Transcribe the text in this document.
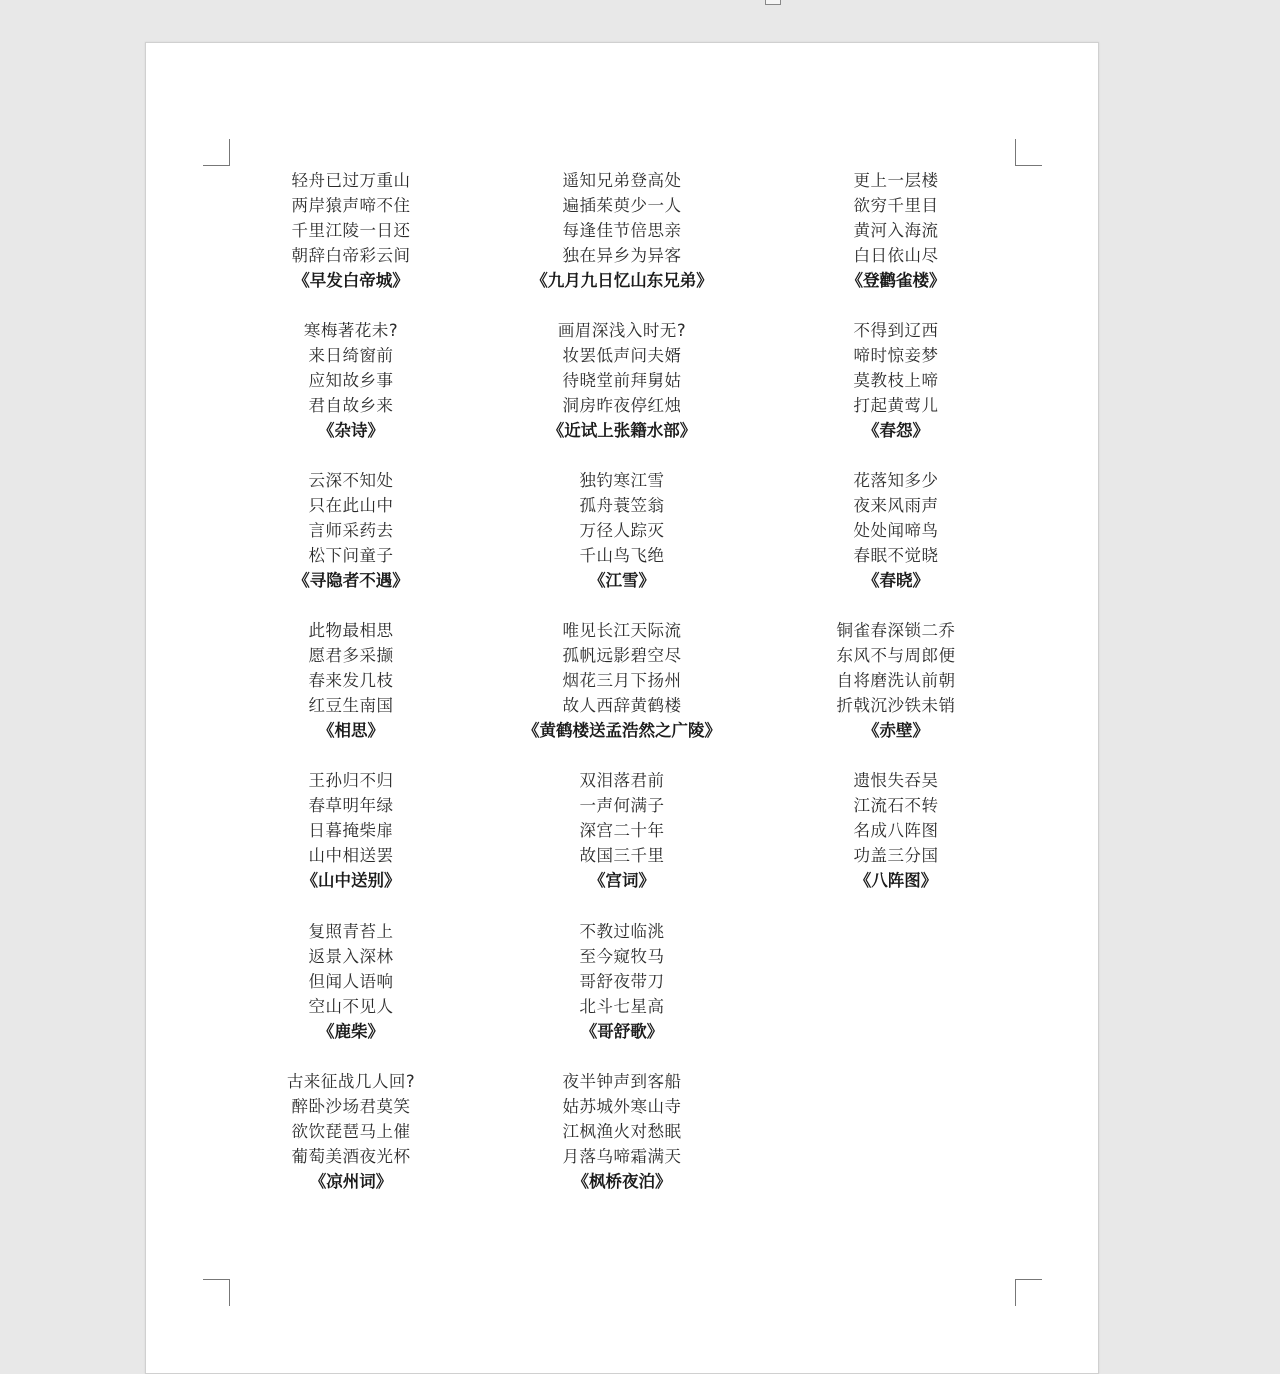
轻舟已过万重山
两岸猿声啼不住
千里江陵一日还
朝辞白帝彩云间
《早发白帝城》
遥知兄弟登高处
遍插茱萸少一人
每逢佳节倍思亲
独在异乡为异客
《九月九日忆山东兄弟》
更上一层楼
欲穷千里目
黄河入海流
白日依山尽
《登鹳雀楼》
寒梅著花未?
来日绮窗前
应知故乡事
君自故乡来
《杂诗》
画眉深浅入时无?
妆罢低声问夫婿
待晓堂前拜舅姑
洞房昨夜停红烛
《近试上张籍水部》
不得到辽西
啼时惊妾梦
莫教枝上啼
打起黄莺儿
《春怨》
云深不知处
只在此山中
言师采药去
松下问童子
《寻隐者不遇》
独钓寒江雪
孤舟蓑笠翁
万径人踪灭
千山鸟飞绝
《江雪》
花落知多少
夜来风雨声
处处闻啼鸟
春眠不觉晓
《春晓》
此物最相思
愿君多采撷
春来发几枝
红豆生南国
《相思》
唯见长江天际流
孤帆远影碧空尽
烟花三月下扬州
故人西辞黄鹤楼
《黄鹤楼送孟浩然之广陵》
铜雀春深锁二乔
东风不与周郎便
自将磨洗认前朝
折戟沉沙铁未销
《赤壁》
王孙归不归
春草明年绿
日暮掩柴扉
山中相送罢
《山中送别》
双泪落君前
一声何满子
深宫二十年
故国三千里
《宫词》
遗恨失吞吴
江流石不转
名成八阵图
功盖三分国
《八阵图》
复照青苔上
返景入深林
但闻人语响
空山不见人
《鹿柴》
不教过临洮
至今窥牧马
哥舒夜带刀
北斗七星高
《哥舒歌》
古来征战几人回?
醉卧沙场君莫笑
欲饮琵琶马上催
葡萄美酒夜光杯
《凉州词》
夜半钟声到客船
姑苏城外寒山寺
江枫渔火对愁眠
月落乌啼霜满天
《枫桥夜泊》
